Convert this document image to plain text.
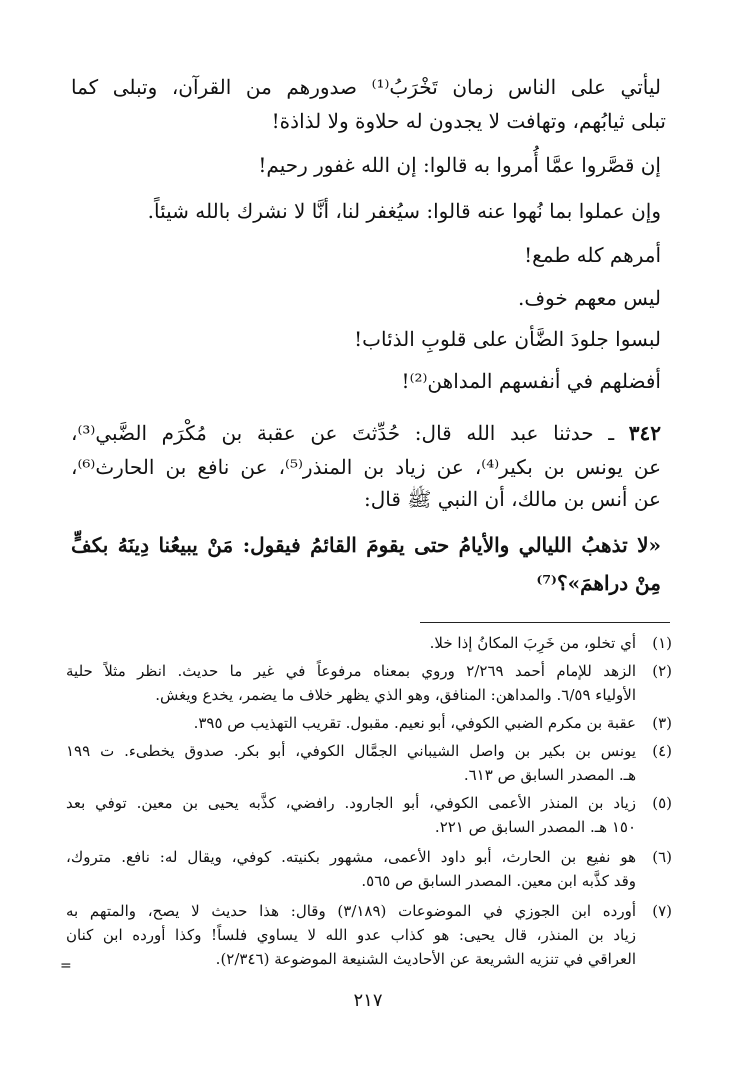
ليأتي على الناس زمان تَخْرَبُ⁽¹⁾ صدورهم من القرآن، وتبلى كما
تبلى ثيابُهم، وتهافت لا يجدون له حلاوة ولا لذاذة!
إن قصَّروا عمَّا أُمروا به قالوا: إن الله غفور رحيم!
وإن عملوا بما نُهوا عنه قالوا: سيُغفر لنا، أنَّا لا نشرك بالله شيئاً.
أمرهم كله طمع!
ليس معهم خوف.
لبسوا جلودَ الضَّأن على قلوبِ الذئاب!
أفضلهم في أنفسهم المداهن⁽²⁾!
٣٤٢ ـ حدثنا عبد الله قال: حُدِّثتَ عن عقبة بن مُكْرَم الضَّبي⁽³⁾،
عن يونس بن بكير⁽⁴⁾، عن زياد بن المنذر⁽⁵⁾، عن نافع بن الحارث⁽⁶⁾،
عن أنس بن مالك، أن النبي ﷺ قال:
«لا تذهبُ الليالي والأيامُ حتى يقومَ القائمُ فيقول: مَنْ يبيعُنا دِينَهُ بكفٍّ
مِنْ دراهمَ»؟⁽⁷⁾
(١)
أي تخلو، من خَرِبَ المكانُ إذا خلا.
(٢)
الزهد للإمام أحمد ٢/٢٦٩ وروي بمعناه مرفوعاً في غير ما حديث. انظر مثلاً حلية
الأولياء ٦/٥٩. والمداهن: المنافق، وهو الذي يظهر خلاف ما يضمر، يخدع ويغش.
(٣)
عقبة بن مكرم الضبي الكوفي، أبو نعيم. مقبول. تقريب التهذيب ص ٣٩٥.
(٤)
يونس بن بكير بن واصل الشيباني الجمَّال الكوفي، أبو بكر. صدوق يخطىء. ت ١٩٩
هـ. المصدر السابق ص ٦١٣.
(٥)
زياد بن المنذر الأعمى الكوفي، أبو الجارود. رافضي، كذَّبه يحيى بن معين. توفي بعد
١٥٠ هـ. المصدر السابق ص ٢٢١.
(٦)
هو نفيع بن الحارث، أبو داود الأعمى، مشهور بكنيته. كوفي، ويقال له: نافع. متروك،
وقد كذَّبه ابن معين. المصدر السابق ص ٥٦٥.
(٧)
أورده ابن الجوزي في الموضوعات (٣/١٨٩) وقال: هذا حديث لا يصح، والمتهم به
زياد بن المنذر، قال يحيى: هو كذاب عدو الله لا يساوي فلساً! وكذا أورده ابن كنان
العراقي في تنزيه الشريعة عن الأحاديث الشنيعة الموضوعة (٢/٣٤٦).
=
٢١٧
